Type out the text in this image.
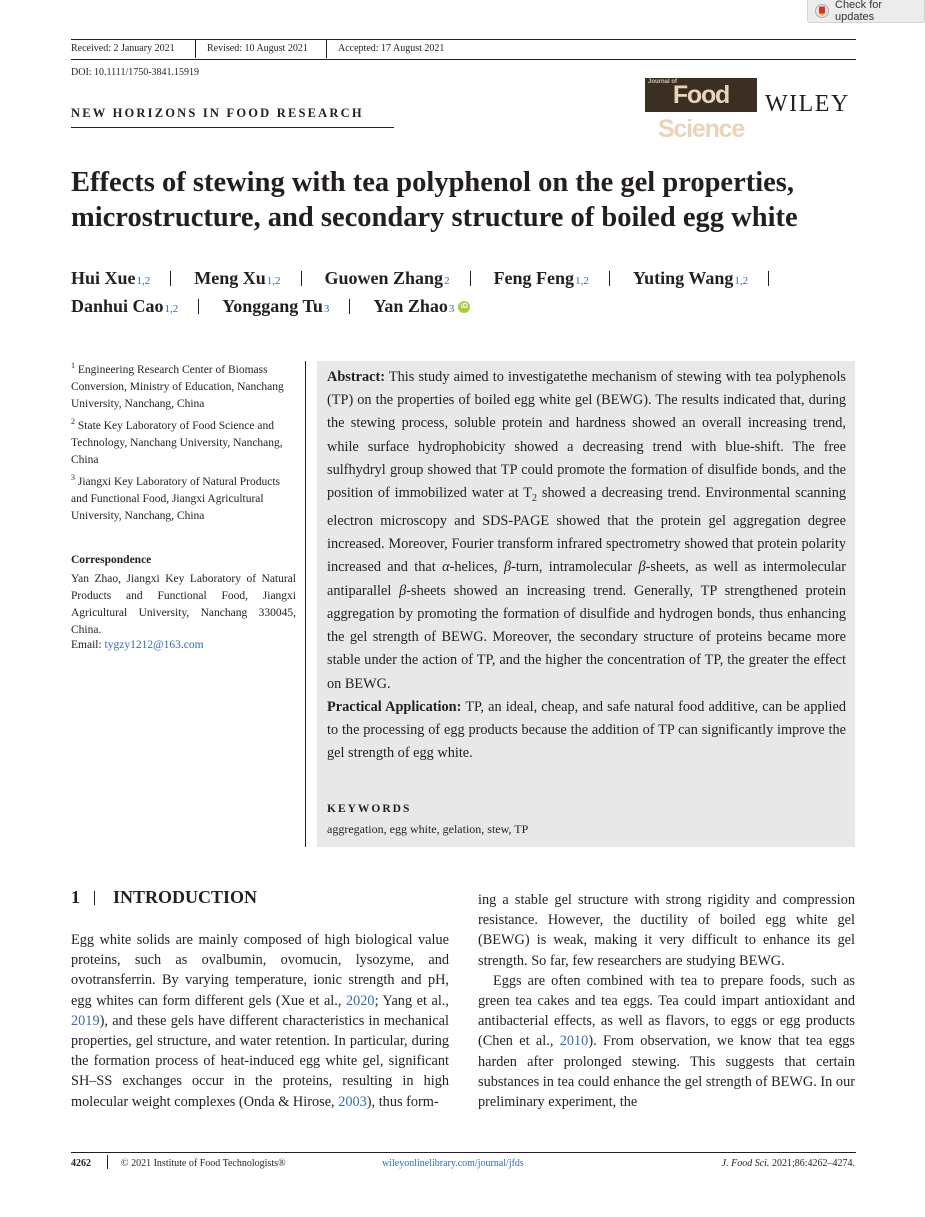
Check for updates
Received: 2 January 2021	Revised: 10 August 2021	Accepted: 17 August 2021
DOI: 10.1111/1750-3841.15919
NEW HORIZONS IN FOOD RESEARCH
Journal of
Food Science
WILEY
Effects of stewing with tea polyphenol on the gel properties, microstructure, and secondary structure of boiled egg white
Hui Xue 1,2 Meng Xu 1,2 Guowen Zhang 2 Feng Feng 1,2 Yuting Wang 1,2
Danhui Cao 1,2 Yonggang Tu 3 Yan Zhao 3 iD
$^1$ Engineering Research Center of Biomass Conversion, Ministry of Education, Nanchang University, Nanchang, China
$^2$ State Key Laboratory of Food Science and Technology, Nanchang University, Nanchang, China
$^3$ Jiangxi Key Laboratory of Natural Products and Functional Food, Jiangxi Agricultural University, Nanchang, China
Correspondence
Yan Zhao, Jiangxi Key Laboratory of Natural Products and Functional Food, Jiangxi Agricultural University, Nanchang 330045, China.
Email: tygzy1212@163.com
Abstract: This study aimed to investigatethe mechanism of stewing with tea polyphenols (TP) on the properties of boiled egg white gel (BEWG). The results indicated that, during the stewing process, soluble protein and hardness showed an overall increasing trend, while surface hydrophobicity showed a decreasing trend with blue-shift. The free sulfhydryl group showed that TP could promote the formation of disulfide bonds, and the position of immobilized water at $T_2$ showed a decreasing trend. Environmental scanning electron microscopy and SDS-PAGE showed that the protein gel aggregation degree increased. Moreover, Fourier transform infrared spectrometry showed that protein polarity increased and that α-helices, β-turn, intramolecular β-sheets, as well as intermolecular antiparallel β-sheets showed an increasing trend. Generally, TP strengthened protein aggregation by promoting the formation of disulfide and hydrogen bonds, thus enhancing the gel strength of BEWG. Moreover, the secondary structure of proteins became more stable under the action of TP, and the higher the concentration of TP, the greater the effect on BEWG.
Practical Application: TP, an ideal, cheap, and safe natural food additive, can be applied to the processing of egg products because the addition of TP can significantly improve the gel strength of egg white.
KEYWORDS
aggregation, egg white, gelation, stew, TP
1 INTRODUCTION

Egg white solids are mainly composed of high biological value proteins, such as ovalbumin, ovomucin, lysozyme, and ovotransferrin. By varying temperature, ionic strength and pH, egg whites can form different gels (Xue et al., 2020; Yang et al., 2019), and these gels have different characteristics in mechanical properties, gel structure, and water retention. In particular, during the formation process of heat-induced egg white gel, significant SH–SS exchanges occur in the proteins, resulting in high molecular weight complexes (Onda & Hirose, 2003), thus form-

ing a stable gel structure with strong rigidity and compression resistance. However, the ductility of boiled egg white gel (BEWG) is weak, making it very difficult to enhance its gel strength. So far, few researchers are studying BEWG.

Eggs are often combined with tea to prepare foods, such as green tea cakes and tea eggs. Tea could impart antioxidant and antibacterial effects, as well as flavors, to eggs or egg products (Chen et al., 2010). From observation, we know that tea eggs harden after prolonged stewing. This suggests that certain substances in tea could enhance the gel strength of BEWG. In our preliminary experiment, the

4262	© 2021 Institute of Food Technologists®	wileyonlinelibrary.com/journal/jfds	J. Food Sci. 2021;86:4262–4274.
